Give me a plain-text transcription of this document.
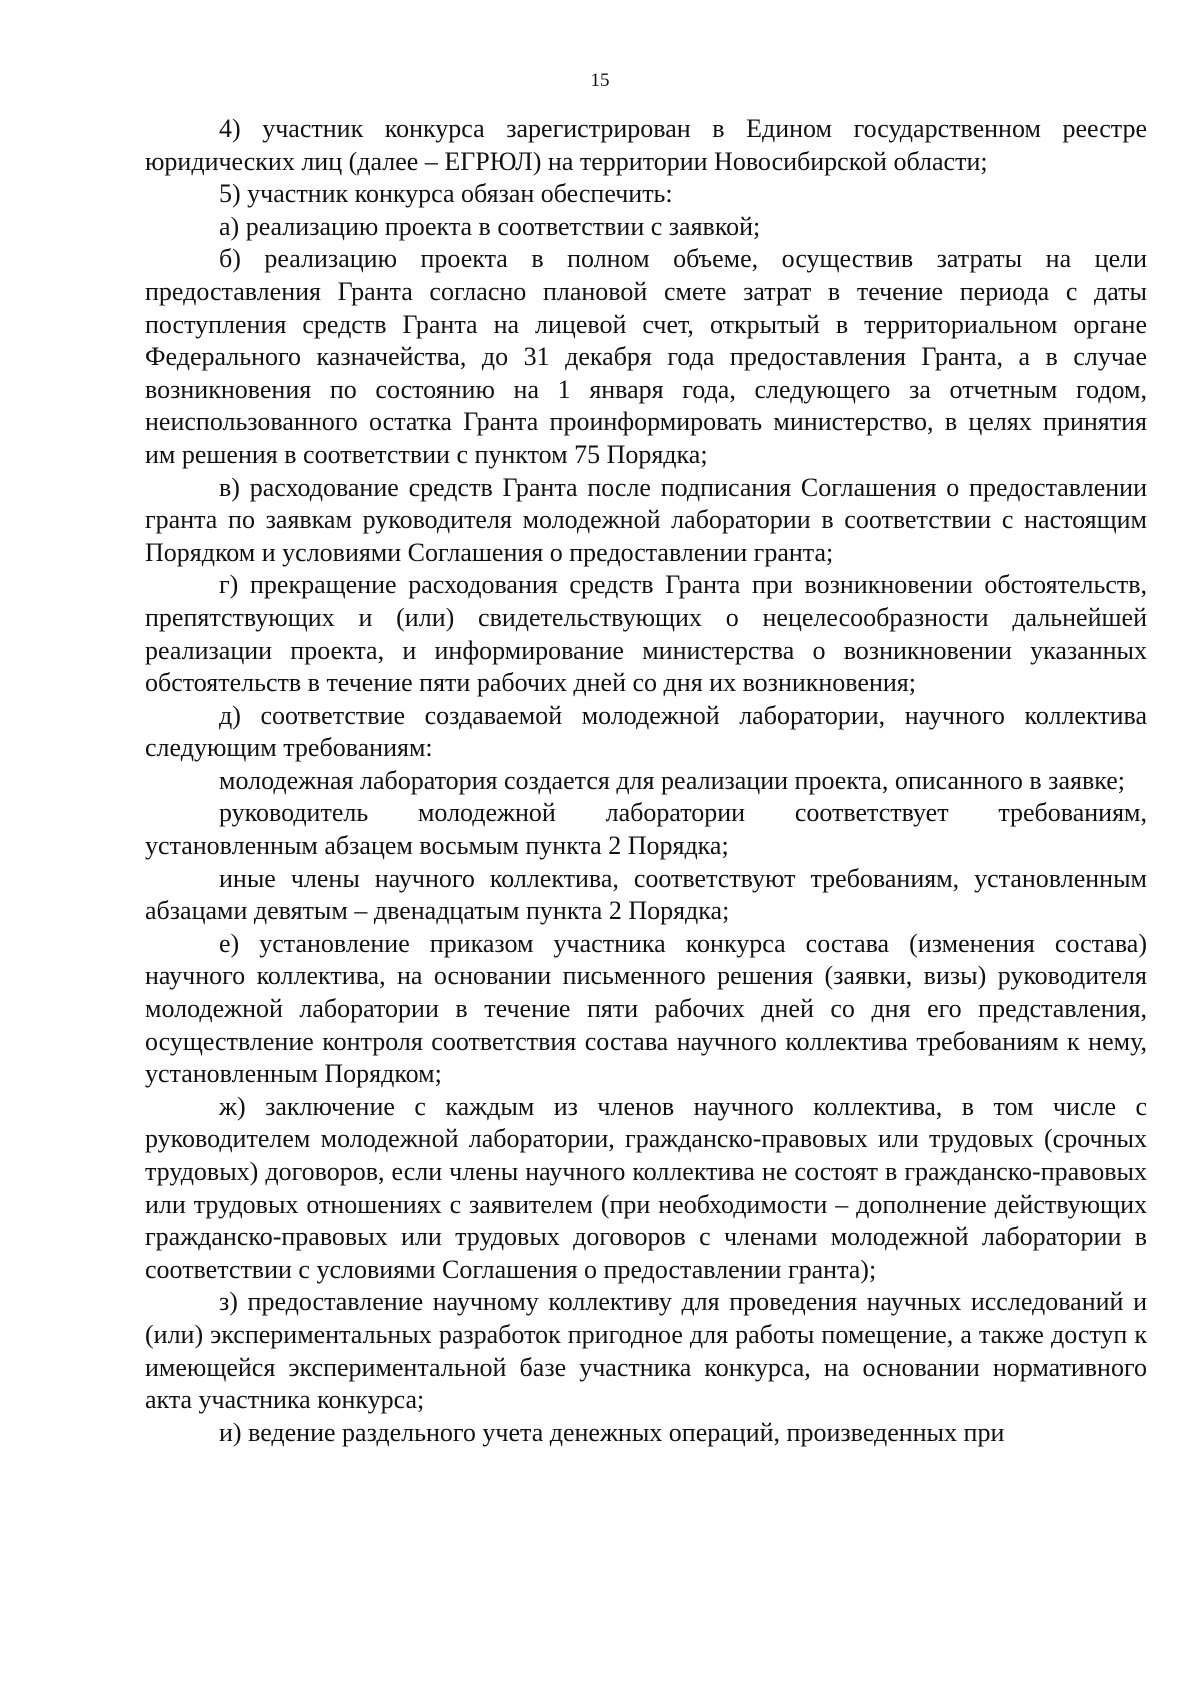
15

4) участник конкурса зарегистрирован в Едином государственном реестре юридических лиц (далее – ЕГРЮЛ) на территории Новосибирской области;

5) участник конкурса обязан обеспечить:

а) реализацию проекта в соответствии с заявкой;

б) реализацию проекта в полном объеме, осуществив затраты на цели предоставления Гранта согласно плановой смете затрат в течение периода с даты поступления средств Гранта на лицевой счет, открытый в территориальном органе Федерального казначейства, до 31 декабря года предоставления Гранта, а в случае возникновения по состоянию на 1 января года, следующего за отчетным годом, неиспользованного остатка Гранта проинформировать министерство, в целях принятия им решения в соответствии с пунктом 75 Порядка;

в) расходование средств Гранта после подписания Соглашения о предоставлении гранта по заявкам руководителя молодежной лаборатории в соответствии с настоящим Порядком и условиями Соглашения о предоставлении гранта;

г) прекращение расходования средств Гранта при возникновении обстоятельств, препятствующих и (или) свидетельствующих о нецелесообразности дальнейшей реализации проекта, и информирование министерства о возникновении указанных обстоятельств в течение пяти рабочих дней со дня их возникновения;

д) соответствие создаваемой молодежной лаборатории, научного коллектива следующим требованиям:

молодежная лаборатория создается для реализации проекта, описанного в заявке;

руководитель молодежной лаборатории соответствует требованиям, установленным абзацем восьмым пункта 2 Порядка;

иные члены научного коллектива, соответствуют требованиям, установленным абзацами девятым – двенадцатым пункта 2 Порядка;

е) установление приказом участника конкурса состава (изменения состава) научного коллектива, на основании письменного решения (заявки, визы) руководителя молодежной лаборатории в течение пяти рабочих дней со дня его представления, осуществление контроля соответствия состава научного коллектива требованиям к нему, установленным Порядком;

ж) заключение с каждым из членов научного коллектива, в том числе с руководителем молодежной лаборатории, гражданско-правовых или трудовых (срочных трудовых) договоров, если члены научного коллектива не состоят в гражданско-правовых или трудовых отношениях с заявителем (при необходимости – дополнение действующих гражданско-правовых или трудовых договоров с членами молодежной лаборатории в соответствии с условиями Соглашения о предоставлении гранта);

з) предоставление научному коллективу для проведения научных исследований и (или) экспериментальных разработок пригодное для работы помещение, а также доступ к имеющейся экспериментальной базе участника конкурса, на основании нормативного акта участника конкурса;

и) ведение раздельного учета денежных операций, произведенных при
